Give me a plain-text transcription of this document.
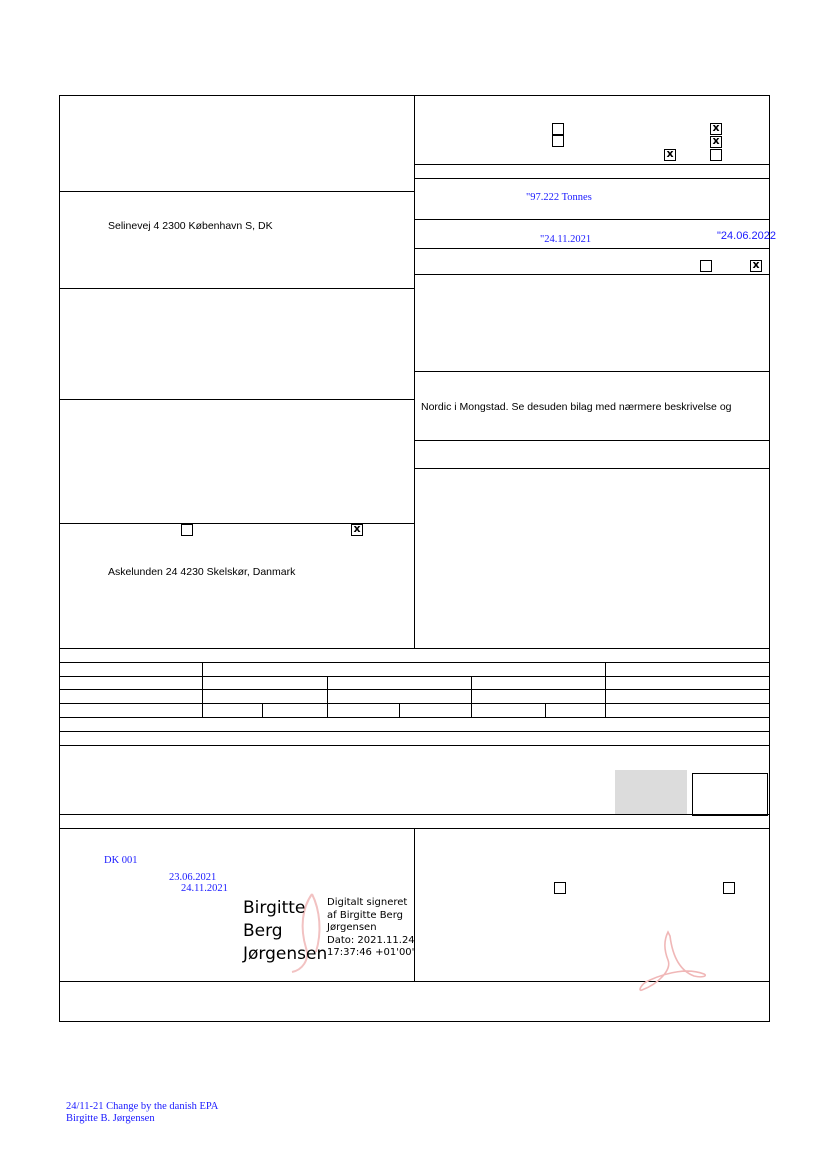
x
x
x
x
x
Selinevej 4 2300 København S, DK
Askelunden 24 4230 Skelskør, Danmark
"97.222 Tonnes
"24.11.2021	"24.06.2022
Nordic i Mongstad. Se desuden bilag med nærmere beskrivelse og
DK 001
23.06.2021
24.11.2021
Birgitte
Berg
Jørgensen
Digitalt signeret
af Birgitte Berg
Jørgensen
Dato: 2021.11.24
17:37:46 +01'00'
24/11-21 Change by the danish EPA
Birgitte B. Jørgensen
